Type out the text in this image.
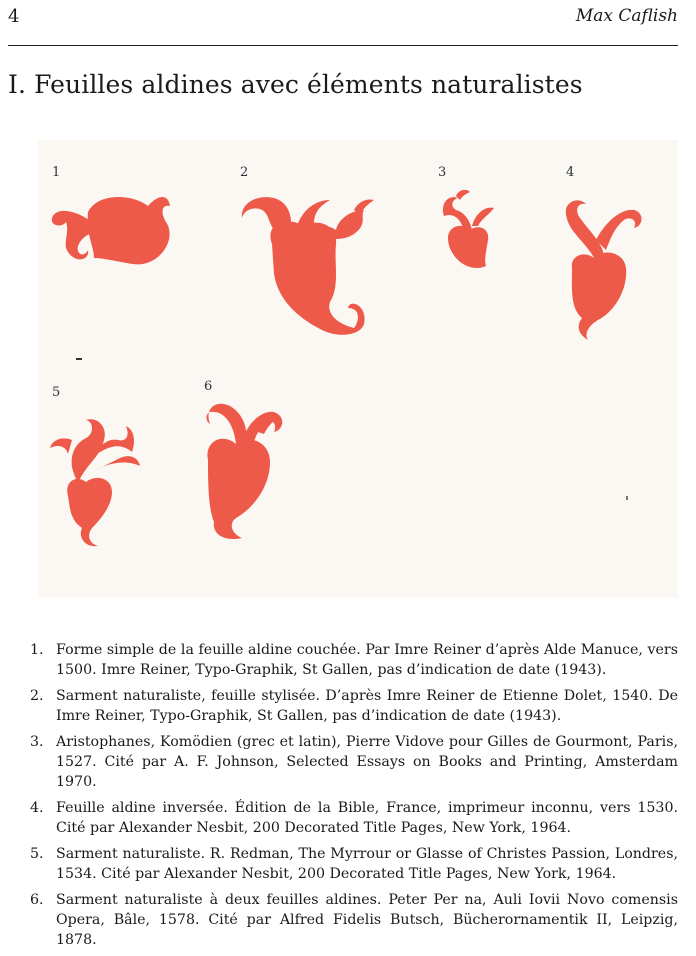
4	Max Caflish
I. Feuilles aldines avec éléments naturalistes
1	2	3	4
5	6
1. Forme simple de la feuille aldine couchée. Par Imre Reiner d’après Alde Manuce, vers 1500. Imre Reiner, Typo-Graphik, St Gallen, pas d’indication de date (1943).
2. Sarment naturaliste, feuille stylisée. D’après Imre Reiner de Etienne Dolet, 1540. De Imre Reiner, Typo-Graphik, St Gallen, pas d’indication de date (1943).
3. Aristophanes, Komödien (grec et latin), Pierre Vidove pour Gilles de Gourmont, Paris, 1527. Cité par A. F. Johnson, Selected Essays on Books and Printing, Amsterdam 1970.
4. Feuille aldine inversée. Édition de la Bible, France, imprimeur inconnu, vers 1530. Cité par Alexander Nesbit, 200 Decorated Title Pages, New York, 1964.
5. Sarment naturaliste. R. Redman, The Myrrour or Glasse of Christes Passion, Londres, 1534. Cité par Alexander Nesbit, 200 Decorated Title Pages, New York, 1964.
6. Sarment naturaliste à deux feuilles aldines. Peter Per na, Auli Iovii Novo comensis Opera, Bâle, 1578. Cité par Alfred Fidelis Butsch, Bücherornamentik II, Leipzig, 1878.
